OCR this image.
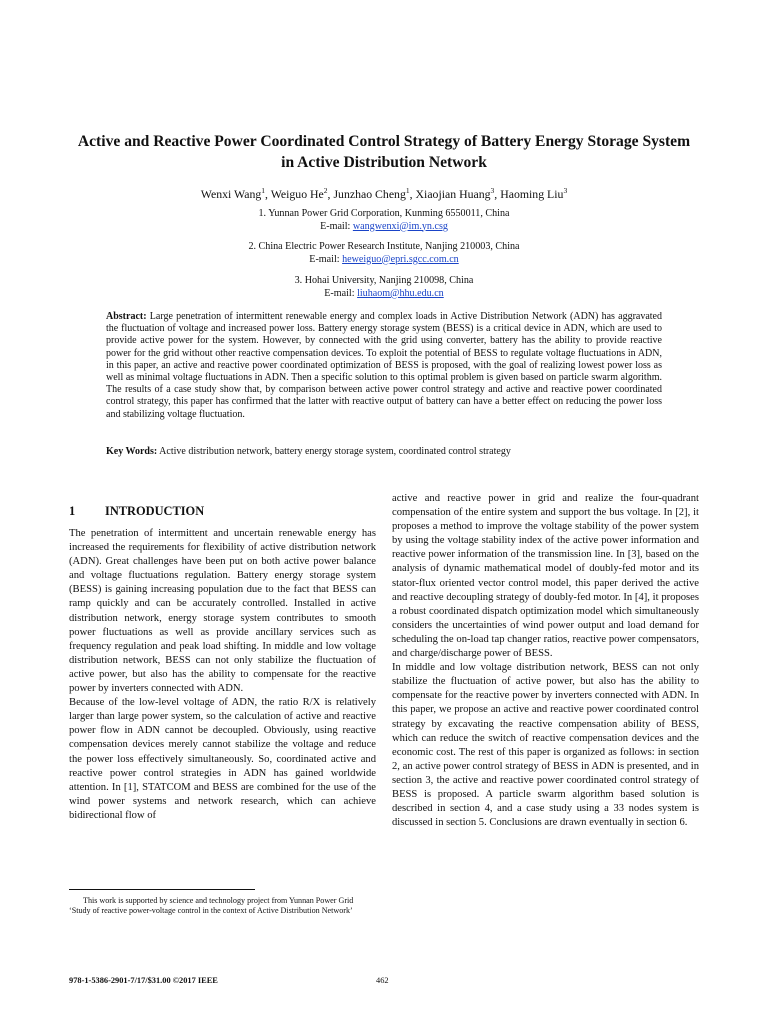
Active and Reactive Power Coordinated Control Strategy of Battery Energy Storage System in Active Distribution Network
Wenxi Wang$^1$, Weiguo He$^2$, Junzhao Cheng$^1$, Xiaojian Huang$^3$, Haoming Liu$^3$
1. Yunnan Power Grid Corporation, Kunming 6550011, China
E-mail: wangwenxi@im.yn.csg
2. China Electric Power Research Institute, Nanjing 210003, China
E-mail: heweiguo@epri.sgcc.com.cn
3. Hohai University, Nanjing 210098, China
E-mail: liuhaom@hhu.edu.cn
Abstract: Large penetration of intermittent renewable energy and complex loads in Active Distribution Network (ADN) has aggravated the fluctuation of voltage and increased power loss. Battery energy storage system (BESS) is a critical device in ADN, which are used to provide active power for the system. However, by connected with the grid using converter, battery has the ability to provide reactive power for the grid without other reactive compensation devices. To exploit the potential of BESS to regulate voltage fluctuations in ADN, in this paper, an active and reactive power coordinated optimization of BESS is proposed, with the goal of realizing lowest power loss as well as minimal voltage fluctuations in ADN. Then a specific solution to this optimal problem is given based on particle swarm algorithm. The results of a case study show that, by comparison between active power control strategy and active and reactive power coordinated control strategy, this paper has confirmed that the latter with reactive output of battery can have a better effect on reducing the power loss and stabilizing voltage fluctuation.
Key Words: Active distribution network, battery energy storage system, coordinated control strategy
1 INTRODUCTION

The penetration of intermittent and uncertain renewable energy has increased the requirements for flexibility of active distribution network (ADN). Great challenges have been put on both active power balance and voltage fluctuations regulation. Battery energy storage system (BESS) is gaining increasing population due to the fact that BESS can ramp quickly and can be accurately controlled. Installed in active distribution network, energy storage system contributes to smooth power fluctuations as well as provide ancillary services such as frequency regulation and peak load shifting. In middle and low voltage distribution network, BESS can not only stabilize the fluctuation of active power, but also has the ability to compensate for the reactive power by inverters connected with ADN.

Because of the low-level voltage of ADN, the ratio R/X is relatively larger than large power system, so the calculation of active and reactive power flow in ADN cannot be decoupled. Obviously, using reactive compensation devices merely cannot stabilize the voltage and reduce the power loss effectively simultaneously. So, coordinated active and reactive power control strategies in ADN has gained worldwide attention. In [1], STATCOM and BESS are combined for the use of the wind power systems and network research, which can achieve bidirectional flow of

active and reactive power in grid and realize the four-quadrant compensation of the entire system and support the bus voltage. In [2], it proposes a method to improve the voltage stability of the power system by using the voltage stability index of the active power information and reactive power information of the transmission line. In [3], based on the analysis of dynamic mathematical model of doubly-fed motor and its stator-flux oriented vector control model, this paper derived the active and reactive decoupling strategy of doubly-fed motor. In [4], it proposes a robust coordinated dispatch optimization model which simultaneously considers the uncertainties of wind power output and load demand for scheduling the on-load tap changer ratios, reactive power compensators, and charge/discharge power of BESS.

In middle and low voltage distribution network, BESS can not only stabilize the fluctuation of active power, but also has the ability to compensate for the reactive power by inverters connected with ADN. In this paper, we propose an active and reactive power coordinated control strategy by excavating the reactive compensation ability of BESS, which can reduce the switch of reactive compensation devices and the economic cost. The rest of this paper is organized as follows: in section 2, an active power control strategy of BESS in ADN is presented, and in section 3, the active and reactive power coordinated control strategy of BESS is proposed. A particle swarm algorithm based solution is described in section 4, and a case study using a 33 nodes system is discussed in section 5. Conclusions are drawn eventually in section 6.

This work is supported by science and technology project from Yunnan Power Grid ‘Study of reactive power-voltage control in the context of Active Distribution Network’
978-1-5386-2901-7/17/$31.00 ©2017 IEEE	462
